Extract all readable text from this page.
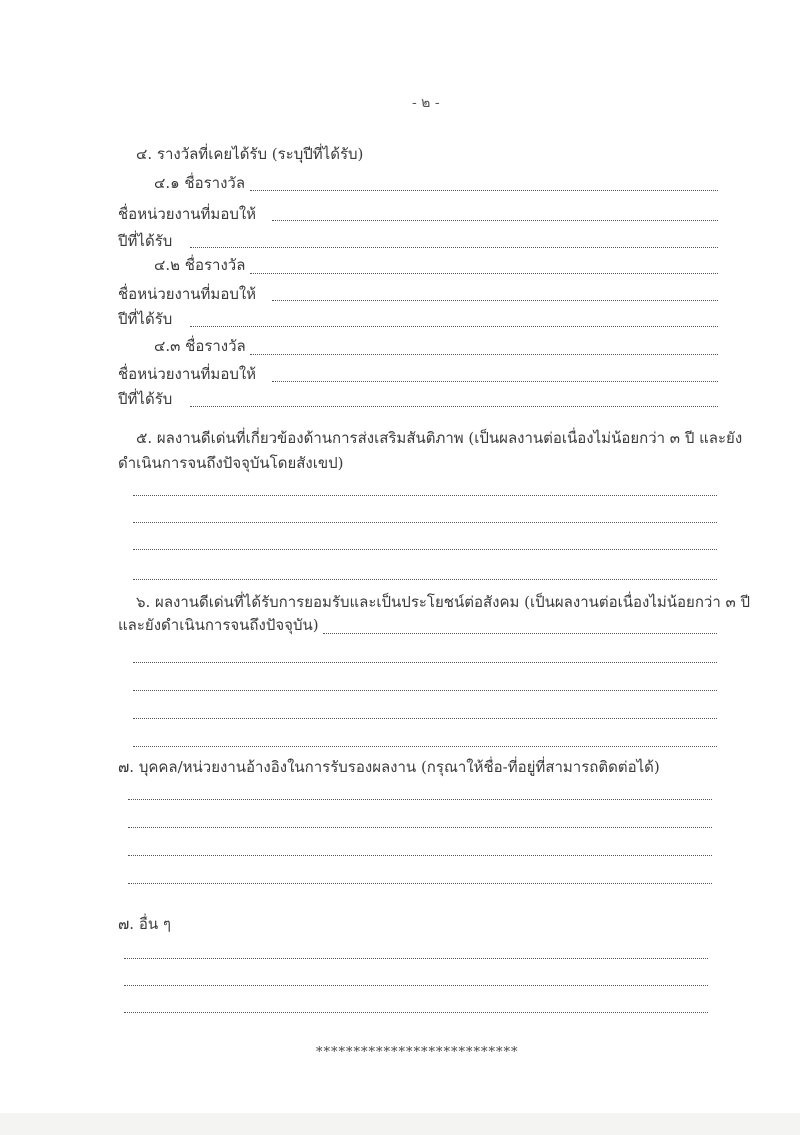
- ๒ -
๔. รางวัลที่เคยได้รับ (ระบุปีที่ได้รับ)
๔.๑ ชื่อรางวัล
ชื่อหน่วยงานที่มอบให้
ปีที่ได้รับ
๔.๒ ชื่อรางวัล
ชื่อหน่วยงานที่มอบให้
ปีที่ได้รับ
๔.๓ ชื่อรางวัล
ชื่อหน่วยงานที่มอบให้
ปีที่ได้รับ
๕. ผลงานดีเด่นที่เกี่ยวข้องด้านการส่งเสริมสันติภาพ (เป็นผลงานต่อเนื่องไม่น้อยกว่า ๓ ปี และยัง
ดำเนินการจนถึงปัจจุบันโดยสังเขป)
๖. ผลงานดีเด่นที่ได้รับการยอมรับและเป็นประโยชน์ต่อสังคม (เป็นผลงานต่อเนื่องไม่น้อยกว่า ๓ ปี
และยังดำเนินการจนถึงปัจจุบัน)
๗. บุคคล/หน่วยงานอ้างอิงในการรับรองผลงาน (กรุณาให้ชื่อ-ที่อยู่ที่สามารถติดต่อได้)
๗. อื่น ๆ
***************************
